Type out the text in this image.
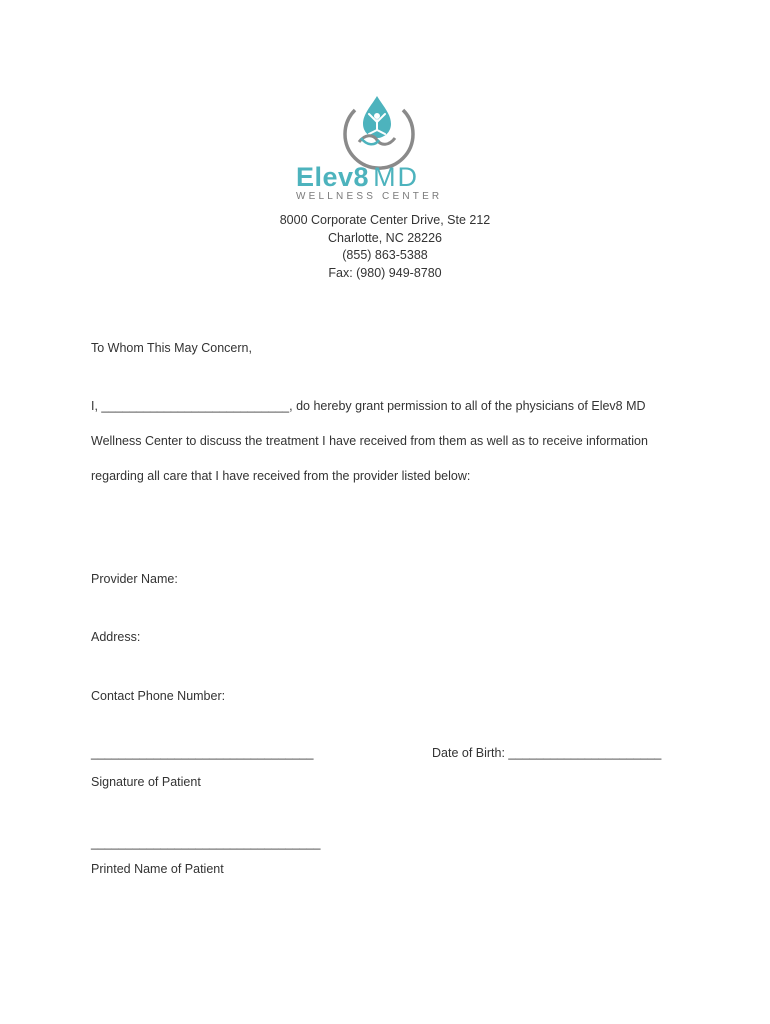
Elev8 MD
WELLNESS CENTER
8000 Corporate Center Drive, Ste 212
Charlotte, NC 28226
(855) 863-5388
Fax: (980) 949-8780
To Whom This May Concern,
I, ___________________________, do hereby grant permission to all of the physicians of Elev8 MD
Wellness Center to discuss the treatment I have received from them as well as to receive information
regarding all care that I have received from the provider listed below:
Provider Name:
Address:
Contact Phone Number:
________________________________	Date of Birth: ______________________
Signature of Patient
_________________________________
Printed Name of Patient
